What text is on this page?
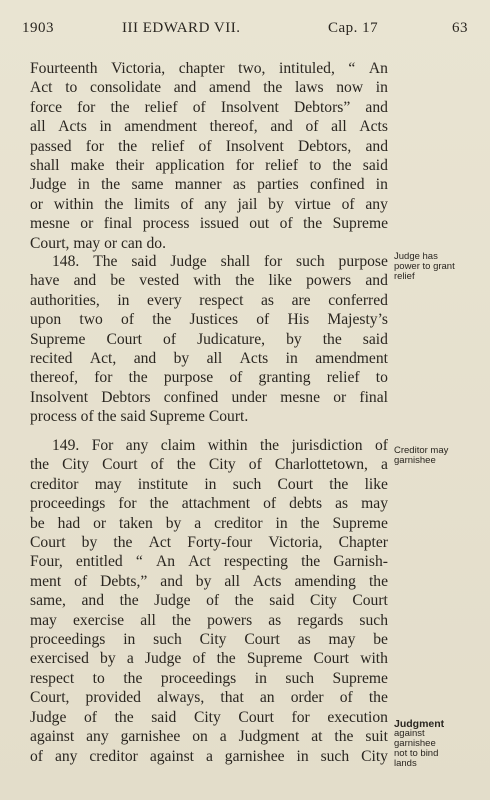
1903	III EDWARD VII.	Cap. 17	63
Fourteenth Victoria, chapter two, intituled, “ An
Act to consolidate and amend the laws now in
force for the relief of Insolvent Debtors” and
all Acts in amendment thereof, and of all Acts
passed for the relief of Insolvent Debtors, and
shall make their application for relief to the said
Judge in the same manner as parties confined in
or within the limits of any jail by virtue of any
mesne or final process issued out of the Supreme
Court, may or can do.
148. The said Judge shall for such purpose
have and be vested with the like powers and
authorities, in every respect as are conferred
upon two of the Justices of His Majesty’s
Supreme Court of Judicature, by the said
recited Act, and by all Acts in amendment
thereof, for the purpose of granting relief to
Insolvent Debtors confined under mesne or final
process of the said Supreme Court.
149. For any claim within the jurisdiction of
the City Court of the City of Charlottetown, a
creditor may institute in such Court the like
proceedings for the attachment of debts as may
be had or taken by a creditor in the Supreme
Court by the Act Forty-four Victoria, Chapter
Four, entitled “ An Act respecting the Garnish-
ment of Debts,” and by all Acts amending the
same, and the Judge of the said City Court
may exercise all the powers as regards such
proceedings in such City Court as may be
exercised by a Judge of the Supreme Court with
respect to the proceedings in such Supreme
Court, provided always, that an order of the
Judge of the said City Court for execution
against any garnishee on a Judgment at the suit
of any creditor against a garnishee in such City
Judge has
power to grant
relief
Creditor may
garnishee
Judgment
against
garnishee
not to bind
lands
